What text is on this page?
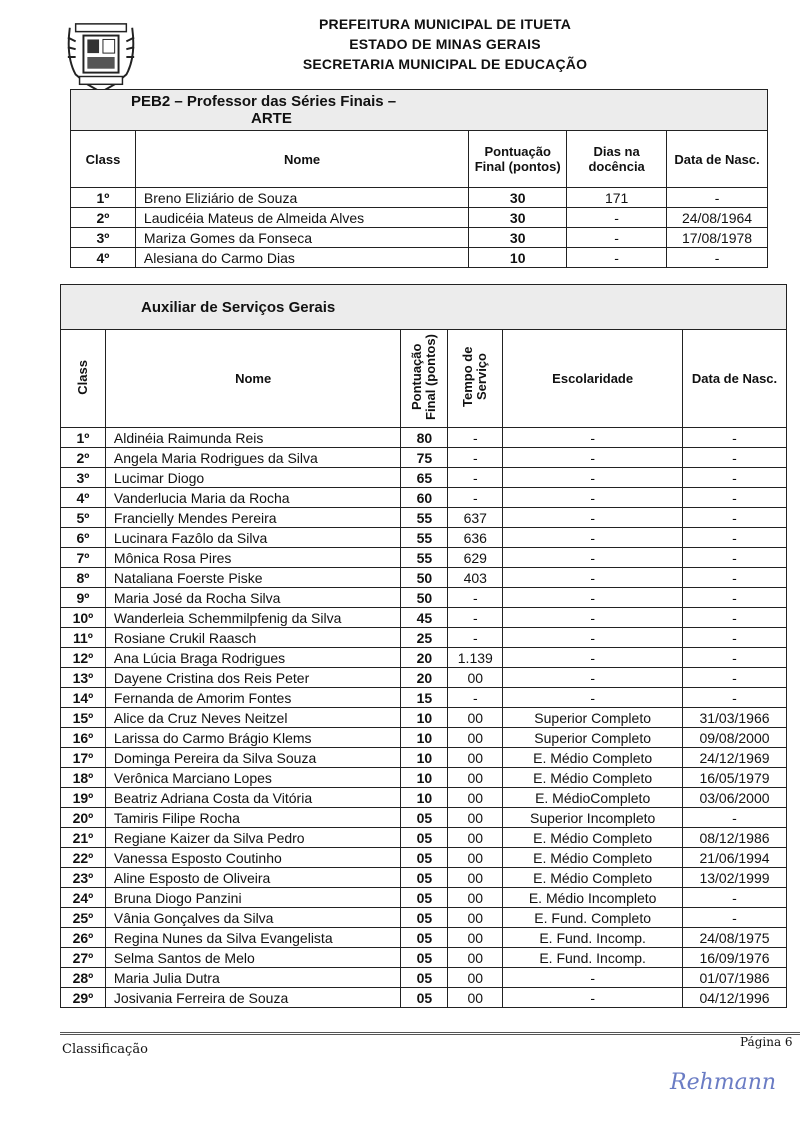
PREFEITURA MUNICIPAL DE ITUETA
ESTADO DE MINAS GERAIS
SECRETARIA MUNICIPAL DE EDUCAÇÃO
PEB2 – Professor das Séries Finais –
ARTE				
Class	Nome	Pontuação Final (pontos)	Dias na docência	Data de Nasc.
1º	Breno Eliziário de Souza	30	171	-
2º	Laudicéia Mateus de Almeida Alves	30	-	24/08/1964
3º	Mariza Gomes da Fonseca	30	-	17/08/1978
4º	Alesiana do Carmo Dias	10	-	-
Auxiliar de Serviços Gerais					
Class	Nome	Pontuação Final (pontos)	Tempo de Serviço	Escolaridade	Data de Nasc.
1º	Aldinéia Raimunda Reis	80	-	-	-
2º	Angela Maria Rodrigues da Silva	75	-	-	-
3º	Lucimar Diogo	65	-	-	-
4º	Vanderlucia Maria da Rocha	60	-	-	-
5º	Francielly Mendes Pereira	55	637	-	-
6º	Lucinara Fazôlo da Silva	55	636	-	-
7º	Mônica Rosa Pires	55	629	-	-
8º	Nataliana Foerste Piske	50	403	-	-
9º	Maria José da Rocha Silva	50	-	-	-
10º	Wanderleia Schemmilpfenig da Silva	45	-	-	-
11º	Rosiane Crukil Raasch	25	-	-	-
12º	Ana Lúcia Braga Rodrigues	20	1.139	-	-
13º	Dayene Cristina dos Reis Peter	20	00	-	-
14º	Fernanda de Amorim Fontes	15	-	-	-
15º	Alice da Cruz Neves Neitzel	10	00	Superior Completo	31/03/1966
16º	Larissa do Carmo Brágio Klems	10	00	Superior Completo	09/08/2000
17º	Dominga Pereira da Silva Souza	10	00	E. Médio Completo	24/12/1969
18º	Verônica Marciano Lopes	10	00	E. Médio Completo	16/05/1979
19º	Beatriz Adriana Costa da Vitória	10	00	E. MédioCompleto	03/06/2000
20º	Tamiris Filipe Rocha	05	00	Superior Incompleto	-
21º	Regiane Kaizer da Silva Pedro	05	00	E. Médio Completo	08/12/1986
22º	Vanessa Esposto Coutinho	05	00	E. Médio Completo	21/06/1994
23º	Aline Esposto de Oliveira	05	00	E. Médio Completo	13/02/1999
24º	Bruna Diogo Panzini	05	00	E. Médio Incompleto	-
25º	Vânia Gonçalves da Silva	05	00	E. Fund. Completo	-
26º	Regina Nunes da Silva Evangelista	05	00	E. Fund. Incomp.	24/08/1975
27º	Selma Santos de Melo	05	00	E. Fund. Incomp.	16/09/1976
28º	Maria Julia Dutra	05	00	-	01/07/1986
29º	Josivania Ferreira de Souza	05	00	-	04/12/1996
Classificação	Página 6
Rehmann
